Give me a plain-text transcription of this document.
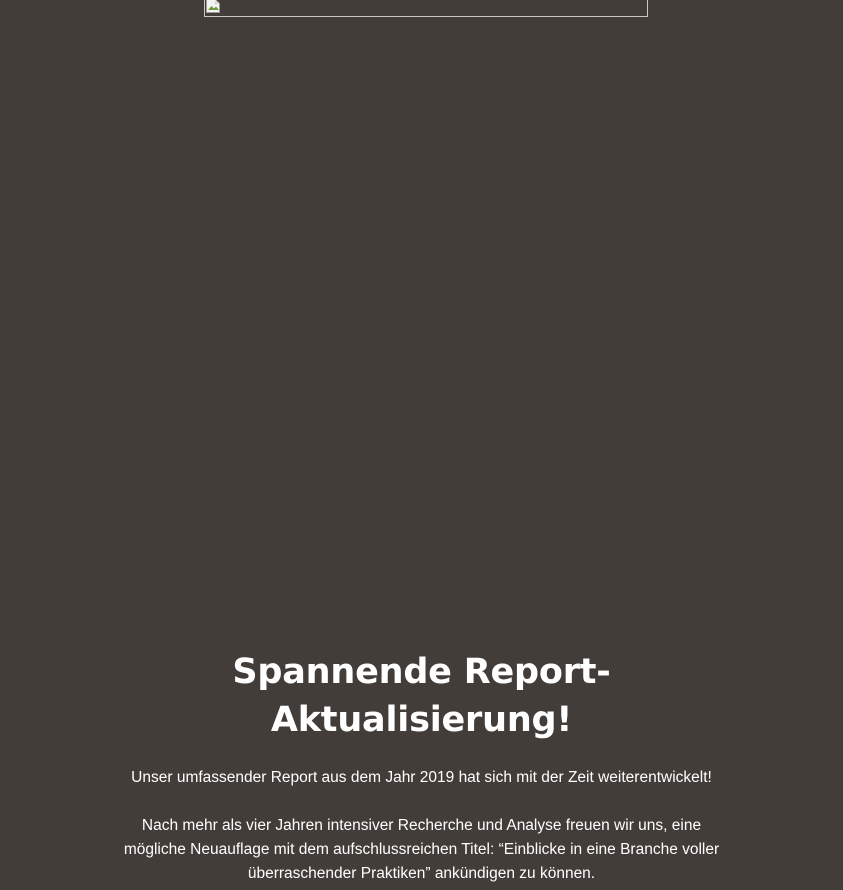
Spannende Report-Aktualisierung!

Unser umfassender Report aus dem Jahr 2019 hat sich mit der Zeit weiterentwickelt!

Nach mehr als vier Jahren intensiver Recherche und Analyse freuen wir uns, eine mögliche Neuauflage mit dem aufschlussreichen Titel: “Einblicke in eine Branche voller überraschender Praktiken” ankündigen zu können.
